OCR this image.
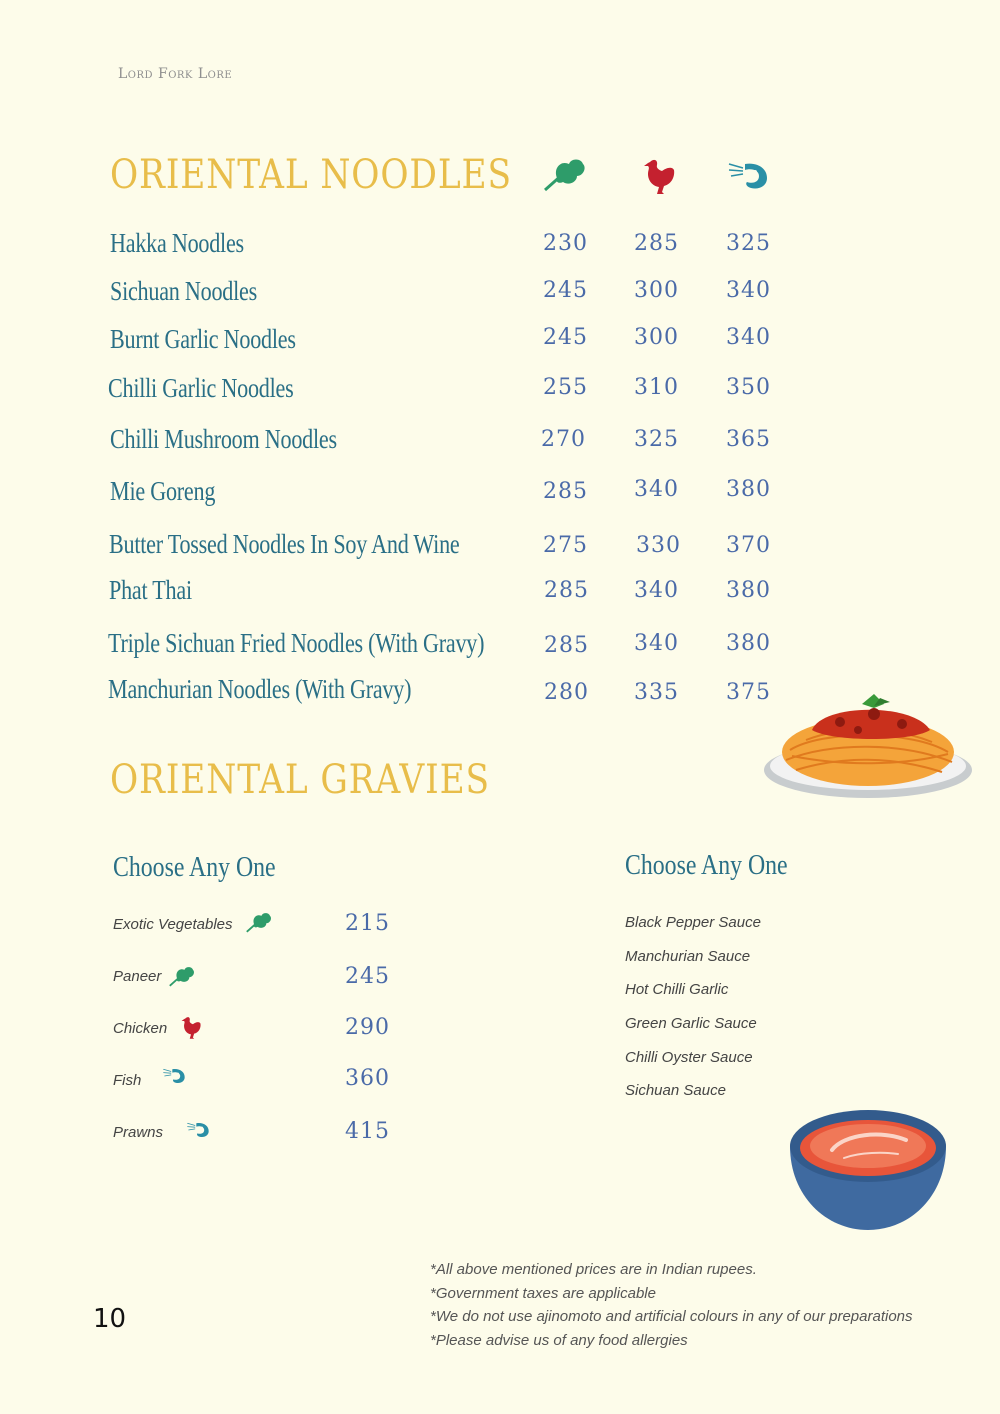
Lord Fork Lore
ORIENTAL NOODLES
Hakka Noodles	230 285 325
Sichuan Noodles	245 300 340
Burnt Garlic Noodles	245 300 340
Chilli Garlic Noodles	255 310 350
Chilli Mushroom Noodles	270 325 365
Mie Goreng	285 340 380
Butter Tossed Noodles In Soy And Wine	275 330 370
Phat Thai	285 340 380
Triple Sichuan Fried Noodles (With Gravy)	285 340 380
Manchurian Noodles (With Gravy)	280 335 375
ORIENTAL GRAVIES
Choose Any One	Choose Any One
Exotic Vegetables	215
Paneer	245
Chicken	290
Fish	360
Prawns	415
Black Pepper Sauce
Manchurian Sauce
Hot Chilli Garlic
Green Garlic Sauce
Chilli Oyster Sauce
Sichuan Sauce
*All above mentioned prices are in Indian rupees.
*Government taxes are applicable
*We do not use ajinomoto and artificial colours in any of our preparations
*Please advise us of any food allergies
10
